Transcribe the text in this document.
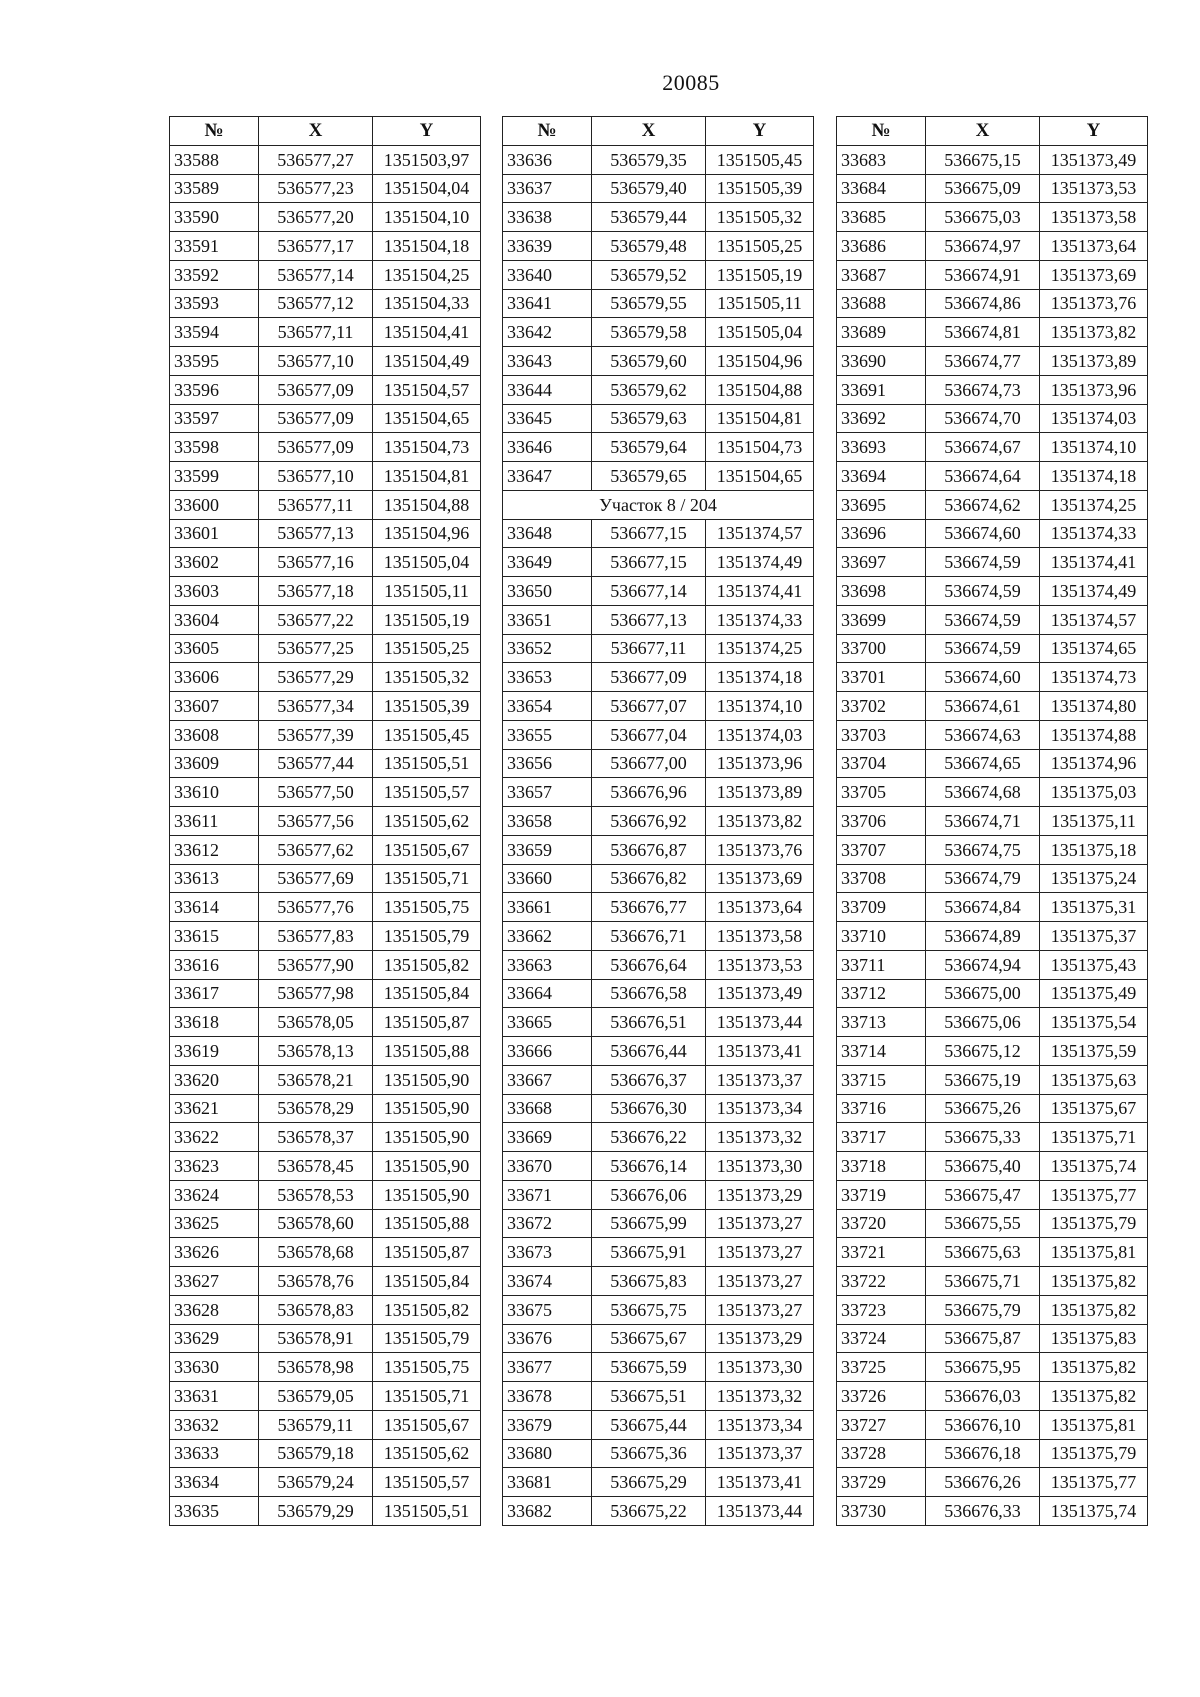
20085
№	X	Y
33588	536577,27	1351503,97
33589	536577,23	1351504,04
33590	536577,20	1351504,10
33591	536577,17	1351504,18
33592	536577,14	1351504,25
33593	536577,12	1351504,33
33594	536577,11	1351504,41
33595	536577,10	1351504,49
33596	536577,09	1351504,57
33597	536577,09	1351504,65
33598	536577,09	1351504,73
33599	536577,10	1351504,81
33600	536577,11	1351504,88
33601	536577,13	1351504,96
33602	536577,16	1351505,04
33603	536577,18	1351505,11
33604	536577,22	1351505,19
33605	536577,25	1351505,25
33606	536577,29	1351505,32
33607	536577,34	1351505,39
33608	536577,39	1351505,45
33609	536577,44	1351505,51
33610	536577,50	1351505,57
33611	536577,56	1351505,62
33612	536577,62	1351505,67
33613	536577,69	1351505,71
33614	536577,76	1351505,75
33615	536577,83	1351505,79
33616	536577,90	1351505,82
33617	536577,98	1351505,84
33618	536578,05	1351505,87
33619	536578,13	1351505,88
33620	536578,21	1351505,90
33621	536578,29	1351505,90
33622	536578,37	1351505,90
33623	536578,45	1351505,90
33624	536578,53	1351505,90
33625	536578,60	1351505,88
33626	536578,68	1351505,87
33627	536578,76	1351505,84
33628	536578,83	1351505,82
33629	536578,91	1351505,79
33630	536578,98	1351505,75
33631	536579,05	1351505,71
33632	536579,11	1351505,67
33633	536579,18	1351505,62
33634	536579,24	1351505,57
33635	536579,29	1351505,51
№	X	Y
33636	536579,35	1351505,45
33637	536579,40	1351505,39
33638	536579,44	1351505,32
33639	536579,48	1351505,25
33640	536579,52	1351505,19
33641	536579,55	1351505,11
33642	536579,58	1351505,04
33643	536579,60	1351504,96
33644	536579,62	1351504,88
33645	536579,63	1351504,81
33646	536579,64	1351504,73
33647	536579,65	1351504,65
Участок 8 / 204		
33648	536677,15	1351374,57
33649	536677,15	1351374,49
33650	536677,14	1351374,41
33651	536677,13	1351374,33
33652	536677,11	1351374,25
33653	536677,09	1351374,18
33654	536677,07	1351374,10
33655	536677,04	1351374,03
33656	536677,00	1351373,96
33657	536676,96	1351373,89
33658	536676,92	1351373,82
33659	536676,87	1351373,76
33660	536676,82	1351373,69
33661	536676,77	1351373,64
33662	536676,71	1351373,58
33663	536676,64	1351373,53
33664	536676,58	1351373,49
33665	536676,51	1351373,44
33666	536676,44	1351373,41
33667	536676,37	1351373,37
33668	536676,30	1351373,34
33669	536676,22	1351373,32
33670	536676,14	1351373,30
33671	536676,06	1351373,29
33672	536675,99	1351373,27
33673	536675,91	1351373,27
33674	536675,83	1351373,27
33675	536675,75	1351373,27
33676	536675,67	1351373,29
33677	536675,59	1351373,30
33678	536675,51	1351373,32
33679	536675,44	1351373,34
33680	536675,36	1351373,37
33681	536675,29	1351373,41
33682	536675,22	1351373,44
№	X	Y
33683	536675,15	1351373,49
33684	536675,09	1351373,53
33685	536675,03	1351373,58
33686	536674,97	1351373,64
33687	536674,91	1351373,69
33688	536674,86	1351373,76
33689	536674,81	1351373,82
33690	536674,77	1351373,89
33691	536674,73	1351373,96
33692	536674,70	1351374,03
33693	536674,67	1351374,10
33694	536674,64	1351374,18
33695	536674,62	1351374,25
33696	536674,60	1351374,33
33697	536674,59	1351374,41
33698	536674,59	1351374,49
33699	536674,59	1351374,57
33700	536674,59	1351374,65
33701	536674,60	1351374,73
33702	536674,61	1351374,80
33703	536674,63	1351374,88
33704	536674,65	1351374,96
33705	536674,68	1351375,03
33706	536674,71	1351375,11
33707	536674,75	1351375,18
33708	536674,79	1351375,24
33709	536674,84	1351375,31
33710	536674,89	1351375,37
33711	536674,94	1351375,43
33712	536675,00	1351375,49
33713	536675,06	1351375,54
33714	536675,12	1351375,59
33715	536675,19	1351375,63
33716	536675,26	1351375,67
33717	536675,33	1351375,71
33718	536675,40	1351375,74
33719	536675,47	1351375,77
33720	536675,55	1351375,79
33721	536675,63	1351375,81
33722	536675,71	1351375,82
33723	536675,79	1351375,82
33724	536675,87	1351375,83
33725	536675,95	1351375,82
33726	536676,03	1351375,82
33727	536676,10	1351375,81
33728	536676,18	1351375,79
33729	536676,26	1351375,77
33730	536676,33	1351375,74
